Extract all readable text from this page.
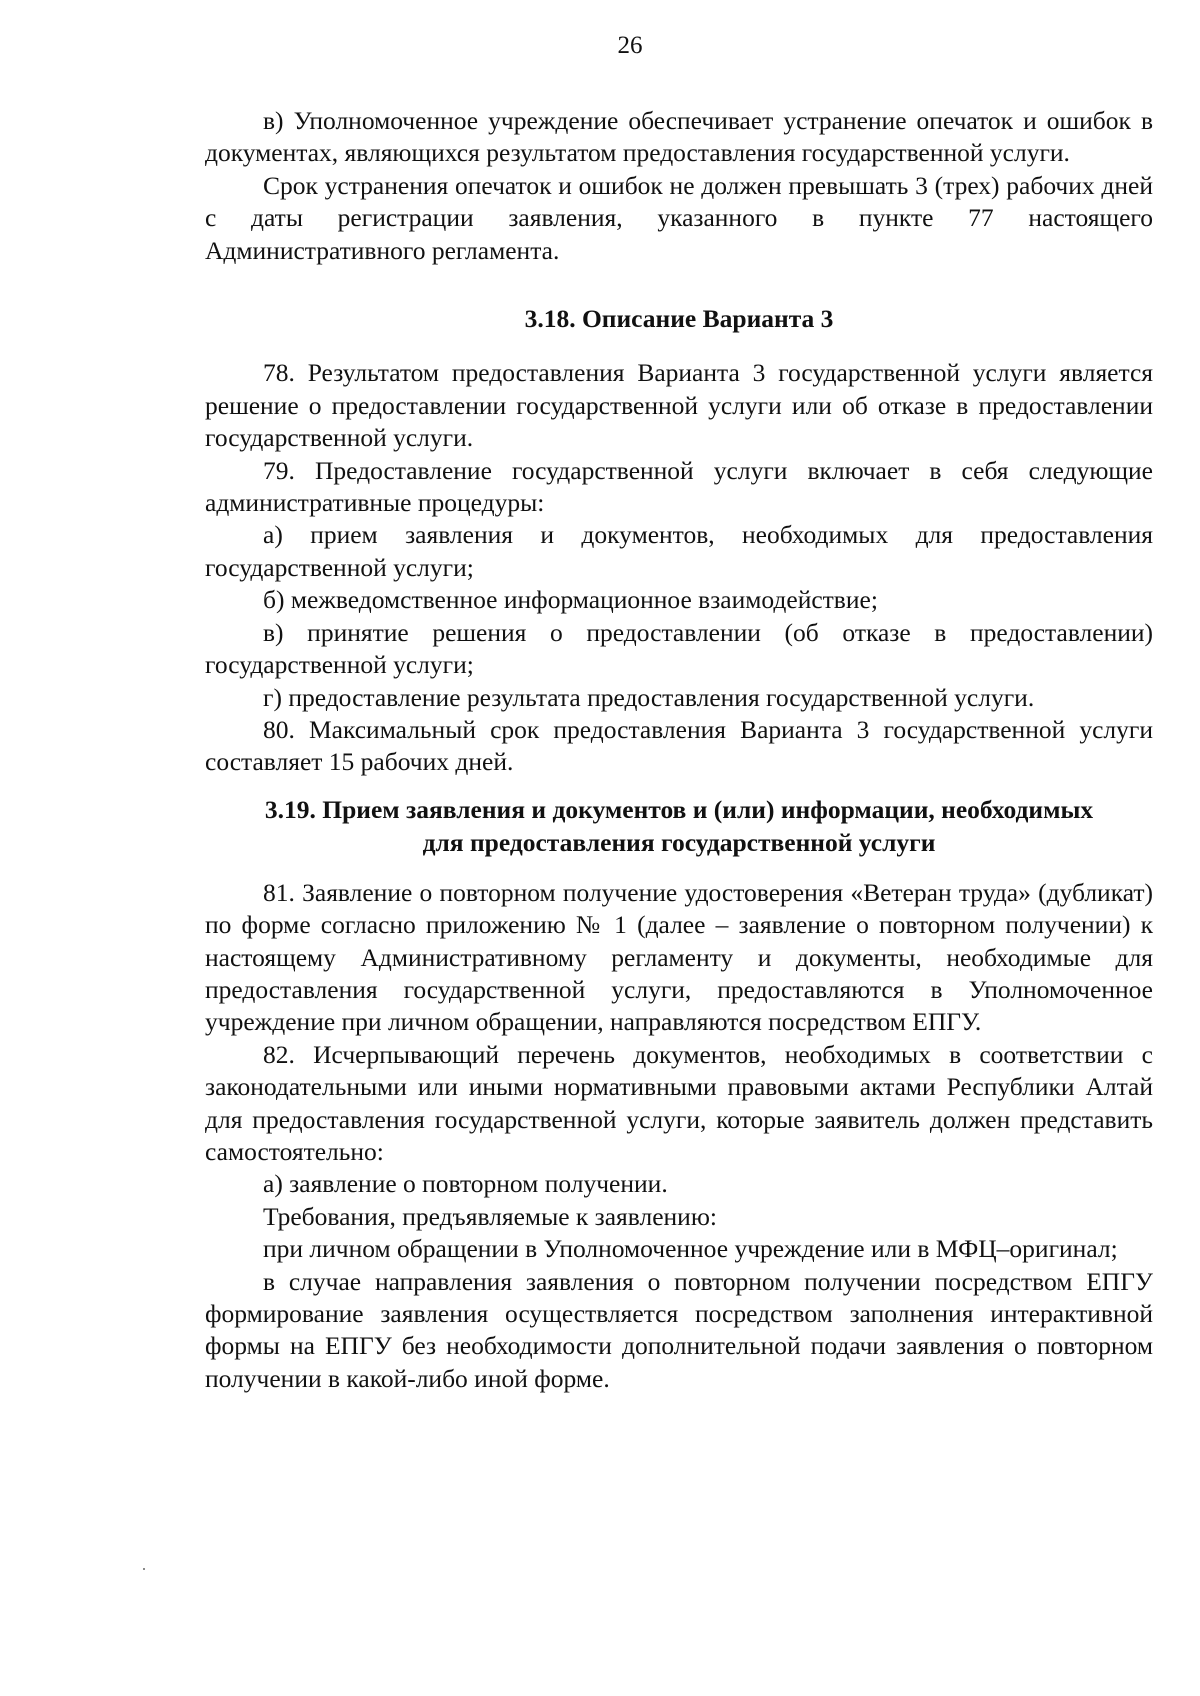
26

в) Уполномоченное учреждение обеспечивает устранение опечаток и ошибок в документах, являющихся результатом предоставления государственной услуги.

Срок устранения опечаток и ошибок не должен превышать 3 (трех) рабочих дней с даты регистрации заявления, указанного в пункте 77 настоящего Административного регламента.

3.18. Описание Варианта 3

78. Результатом предоставления Варианта 3 государственной услуги является решение о предоставлении государственной услуги или об отказе в предоставлении государственной услуги.

79. Предоставление государственной услуги включает в себя следующие административные процедуры:

а) прием заявления и документов, необходимых для предоставления государственной услуги;

б) межведомственное информационное взаимодействие;

в) принятие решения о предоставлении (об отказе в предоставлении) государственной услуги;

г) предоставление результата предоставления государственной услуги.

80. Максимальный срок предоставления Варианта 3 государственной услуги составляет 15 рабочих дней.

3.19. Прием заявления и документов и (или) информации, необходимых
для предоставления государственной услуги

81. Заявление о повторном получение удостоверения «Ветеран труда» (дубликат) по форме согласно приложению № 1 (далее – заявление о повторном получении) к настоящему Административному регламенту и документы, необходимые для предоставления государственной услуги, предоставляются в Уполномоченное учреждение при личном обращении, направляются посредством ЕПГУ.

82. Исчерпывающий перечень документов, необходимых в соответствии с законодательными или иными нормативными правовыми актами Республики Алтай для предоставления государственной услуги, которые заявитель должен представить самостоятельно:

а) заявление о повторном получении.

Требования, предъявляемые к заявлению:

при личном обращении в Уполномоченное учреждение или в МФЦ–оригинал;

в случае направления заявления о повторном получении посредством ЕПГУ формирование заявления осуществляется посредством заполнения интерактивной формы на ЕПГУ без необходимости дополнительной подачи заявления о повторном получении в какой-либо иной форме.
